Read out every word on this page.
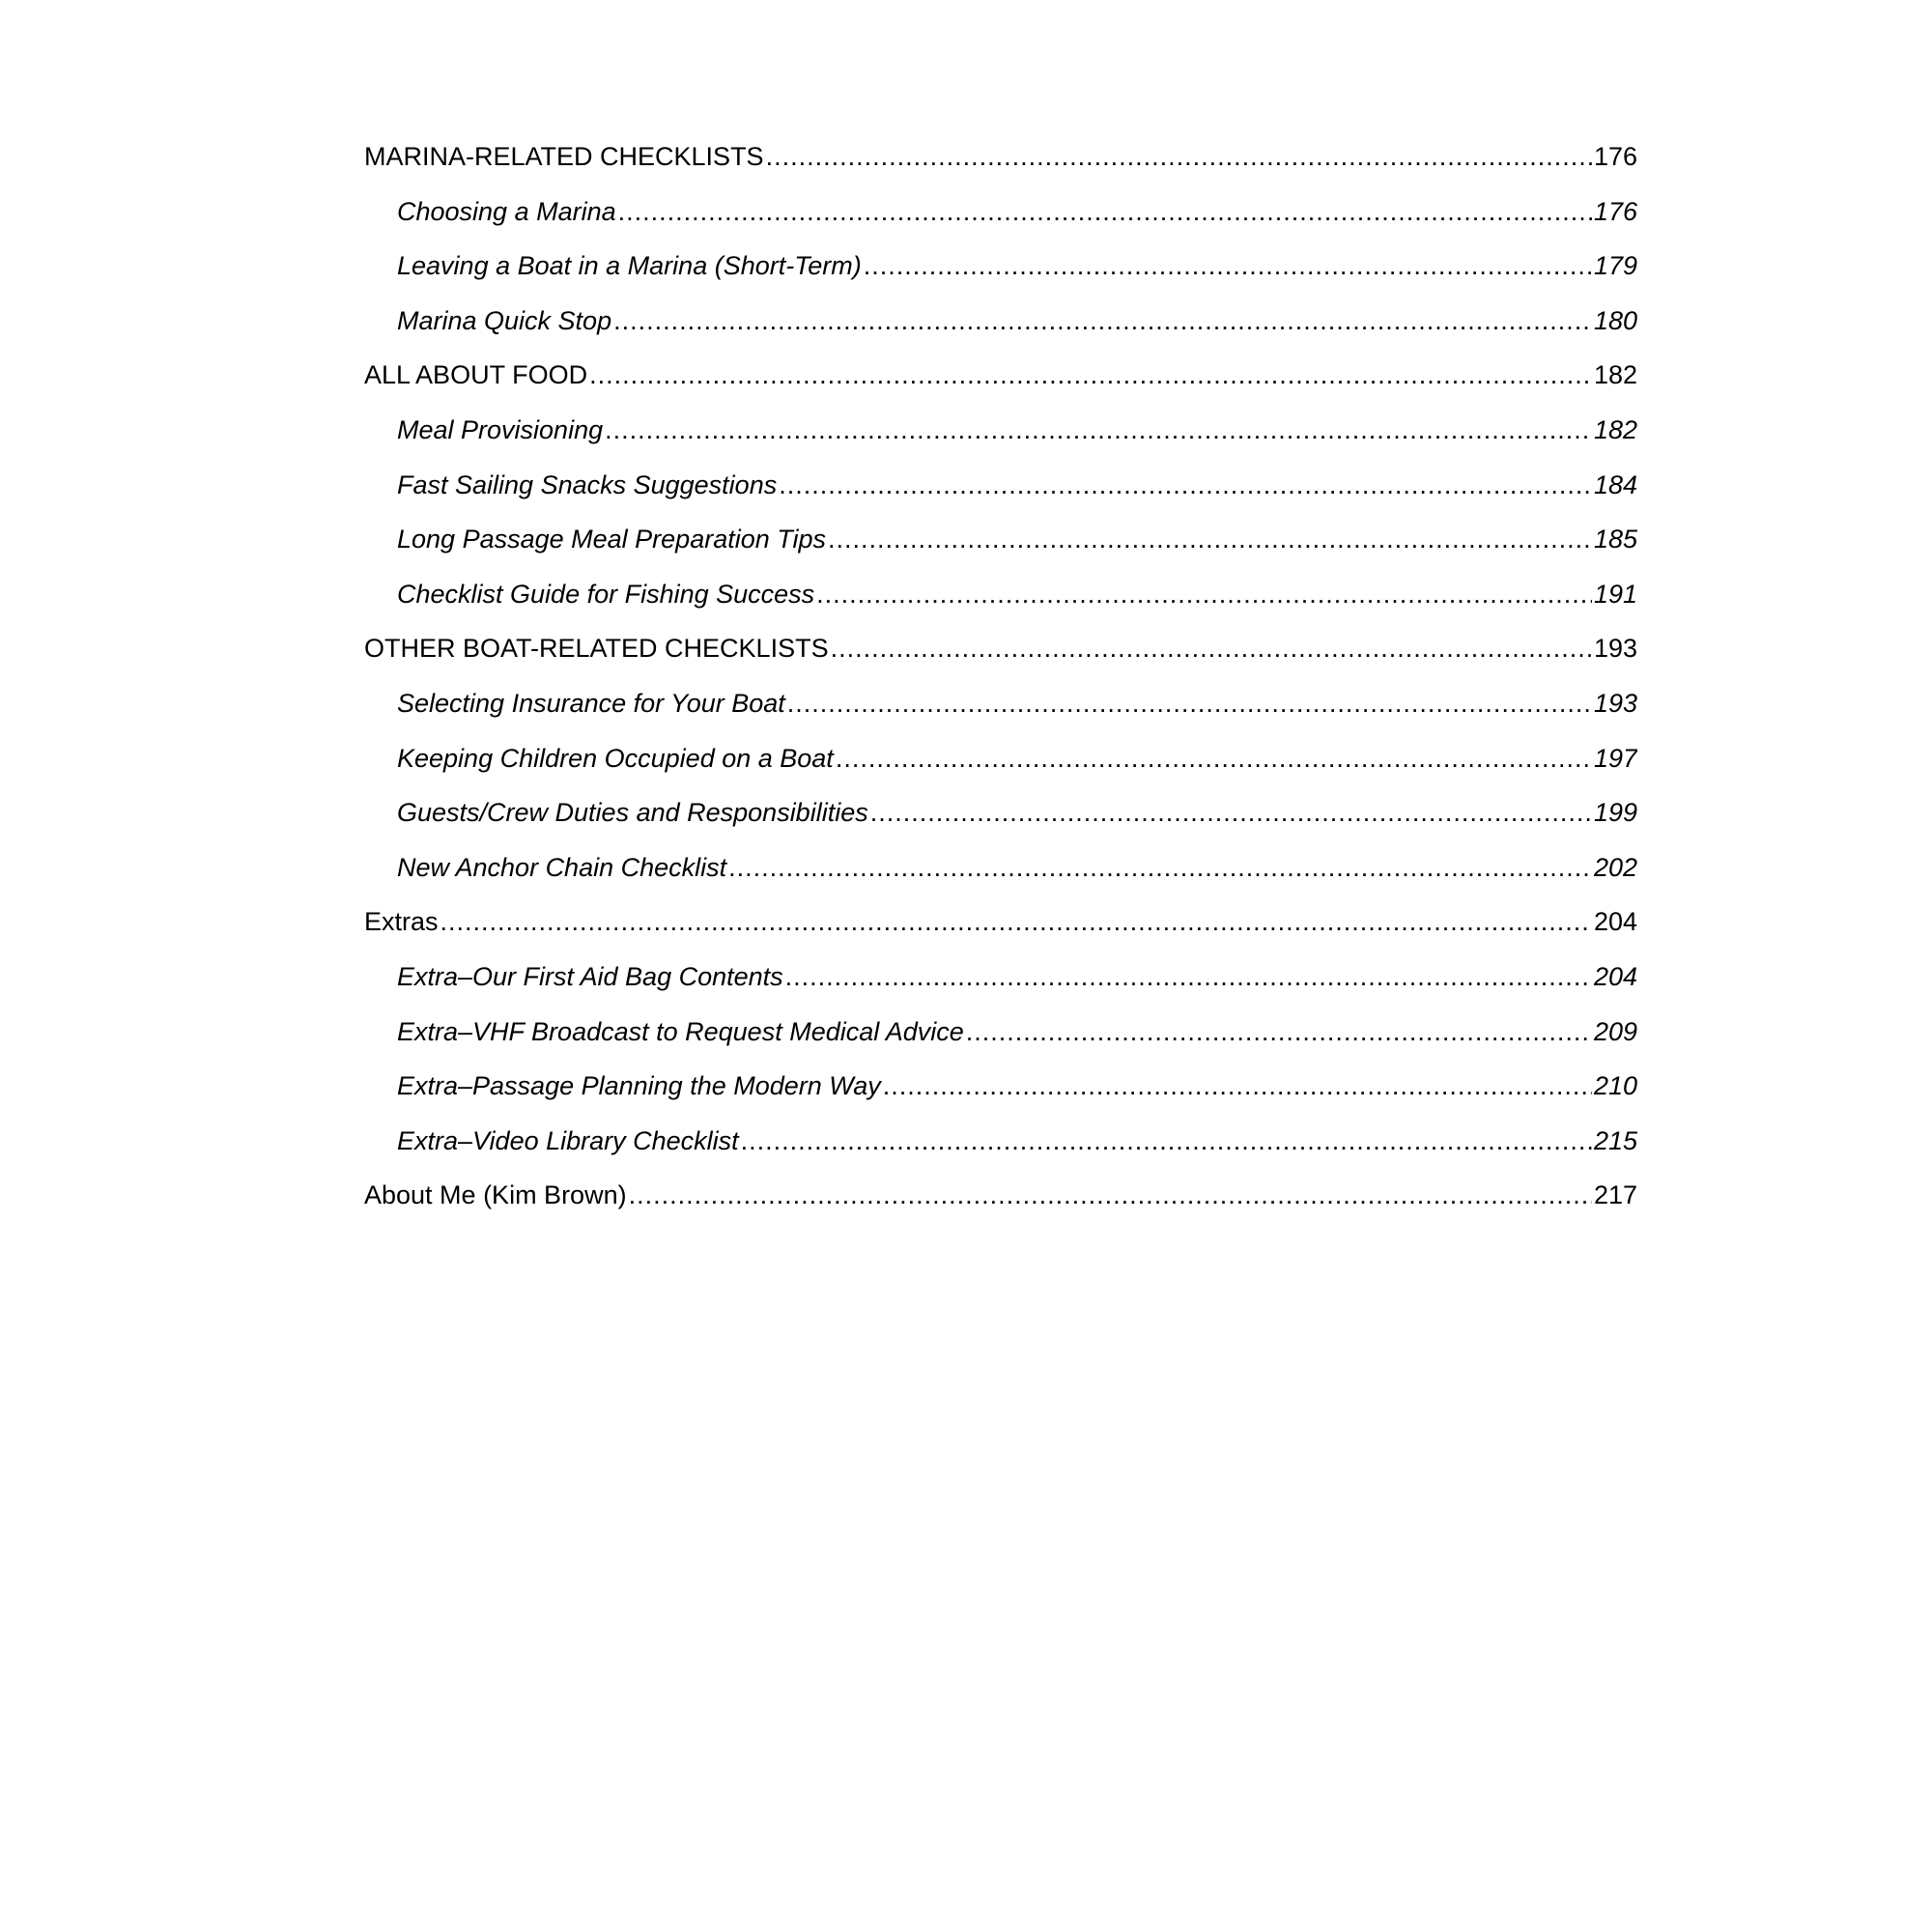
MARINA-RELATED CHECKLISTS .....	176
Choosing a Marina .....	176
Leaving a Boat in a Marina (Short-Term) .....	179
Marina Quick Stop .....	180
ALL ABOUT FOOD .....	182
Meal Provisioning .....	182
Fast Sailing Snacks Suggestions .....	184
Long Passage Meal Preparation Tips .....	185
Checklist Guide for Fishing Success .....	191
OTHER BOAT-RELATED CHECKLISTS .....	193
Selecting Insurance for Your Boat .....	193
Keeping Children Occupied on a Boat .....	197
Guests/Crew Duties and Responsibilities .....	199
New Anchor Chain Checklist .....	202
Extras .....	204
Extra–Our First Aid Bag Contents .....	204
Extra–VHF Broadcast to Request Medical Advice .....	209
Extra–Passage Planning the Modern Way .....	210
Extra–Video Library Checklist .....	215
About Me (Kim Brown) .....	217
